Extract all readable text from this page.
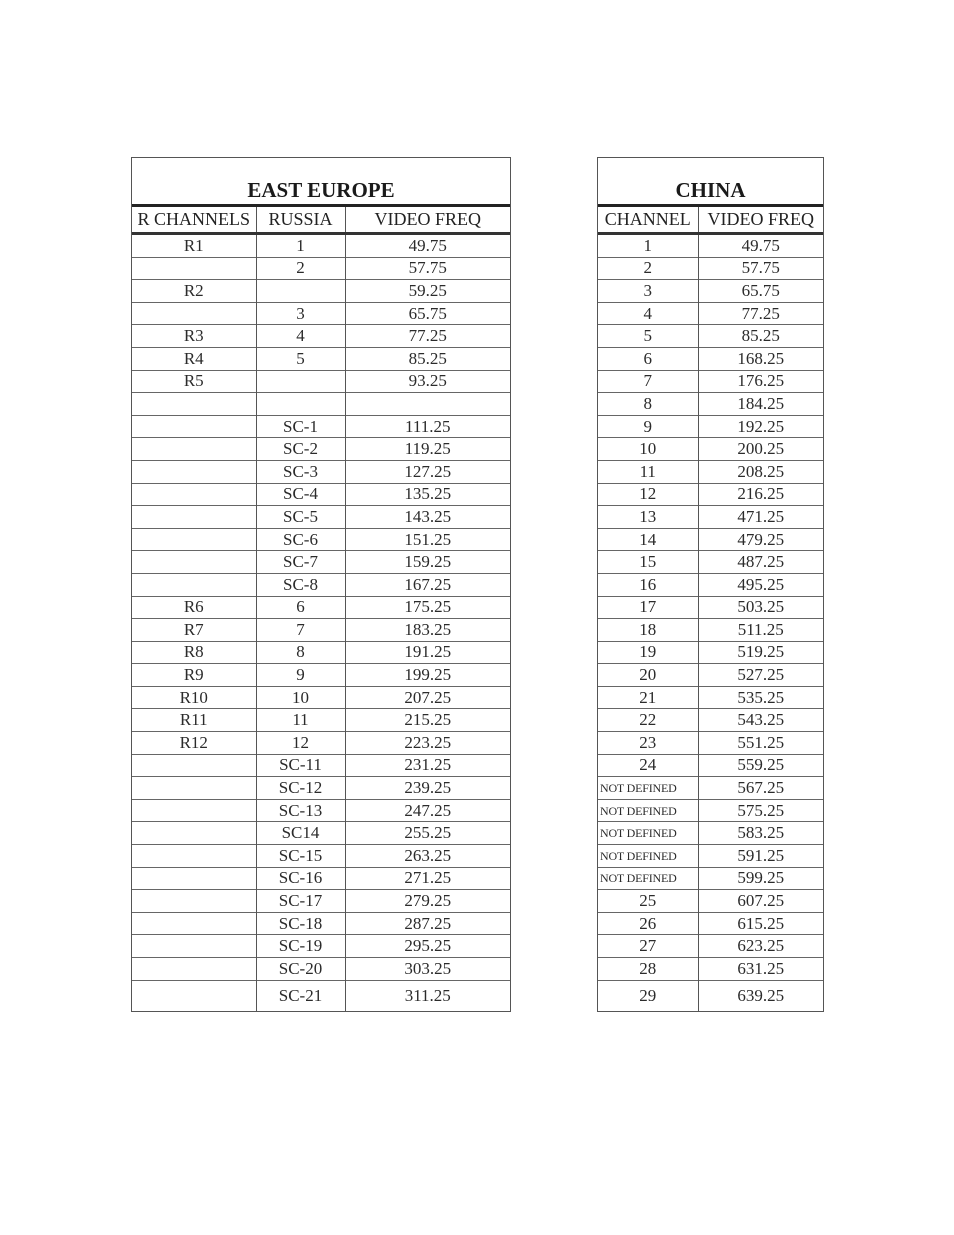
EAST EUROPE
R CHANNELS	RUSSIA	VIDEO FREQ
R1	1	49.75
	2	57.75
R2		59.25
	3	65.75
R3	4	77.25
R4	5	85.25
R5		93.25

	SC-1	111.25
	SC-2	119.25
	SC-3	127.25
	SC-4	135.25
	SC-5	143.25
	SC-6	151.25
	SC-7	159.25
	SC-8	167.25
R6	6	175.25
R7	7	183.25
R8	8	191.25
R9	9	199.25
R10	10	207.25
R11	11	215.25
R12	12	223.25
	SC-11	231.25
	SC-12	239.25
	SC-13	247.25
	SC14	255.25
	SC-15	263.25
	SC-16	271.25
	SC-17	279.25
	SC-18	287.25
	SC-19	295.25
	SC-20	303.25
	SC-21	311.25
CHINA
CHANNEL	VIDEO FREQ
1	49.75
2	57.75
3	65.75
4	77.25
5	85.25
6	168.25
7	176.25
8	184.25
9	192.25
10	200.25
11	208.25
12	216.25
13	471.25
14	479.25
15	487.25
16	495.25
17	503.25
18	511.25
19	519.25
20	527.25
21	535.25
22	543.25
23	551.25
24	559.25
NOT DEFINED	567.25
NOT DEFINED	575.25
NOT DEFINED	583.25
NOT DEFINED	591.25
NOT DEFINED	599.25
25	607.25
26	615.25
27	623.25
28	631.25
29	639.25
